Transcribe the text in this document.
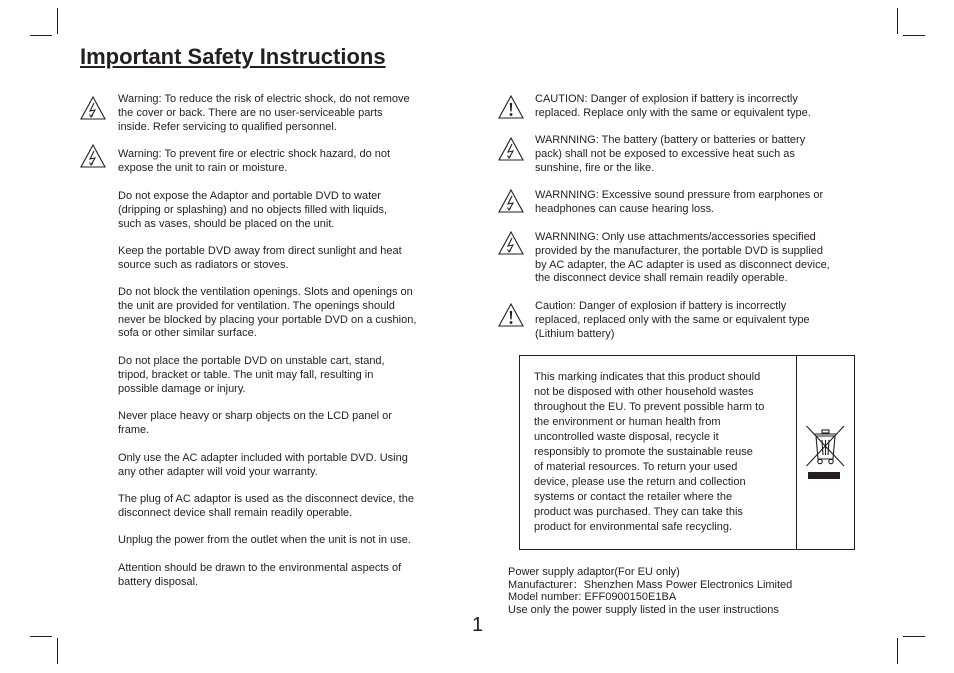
Important Safety Instructions

Warning: To reduce the risk of electric shock, do not remove
the cover or back. There are no user-serviceable parts
inside. Refer servicing to qualified personnel.

Warning: To prevent fire or electric shock hazard, do not
expose the unit to rain or moisture.

Do not expose the Adaptor and portable DVD to water
(dripping or splashing) and no objects filled with liquids,
such as vases, should be placed on the unit.

Keep the portable DVD away from direct sunlight and heat
source such as radiators or stoves.

Do not block the ventilation openings. Slots and openings on
the unit are provided for ventilation. The openings should
never be blocked by placing your portable DVD on a cushion,
sofa or other similar surface.

Do not place the portable DVD on unstable cart, stand,
tripod, bracket or table. The unit may fall, resulting in
possible damage or injury.

Never place heavy or sharp objects on the LCD panel or
frame.

Only use the AC adapter included with portable DVD. Using
any other adapter will void your warranty.

The plug of AC adaptor is used as the disconnect device, the
disconnect device shall remain readily operable.

Unplug the power from the outlet when the unit is not in use.

Attention should be drawn to the environmental aspects of
battery disposal.

CAUTION: Danger of explosion if battery is incorrectly
replaced. Replace only with the same or equivalent type.

WARNNING: The battery (battery or batteries or battery
pack) shall not be exposed to excessive heat such as
sunshine, fire or the like.

WARNNING: Excessive sound pressure from earphones or
headphones can cause hearing loss.

WARNNING: Only use attachments/accessories specified
provided by the manufacturer, the portable DVD is supplied
by AC adapter, the AC adapter is used as disconnect device,
the disconnect device shall remain readily operable.

Caution: Danger of explosion if battery is incorrectly
replaced, replaced only with the same or equivalent type
(Lithium battery)

This marking indicates that this product should
not be disposed with other household wastes
throughout the EU. To prevent possible harm to
the environment or human health from
uncontrolled waste disposal, recycle it
responsibly to promote the sustainable reuse
of material resources. To return your used
device, please use the return and collection
systems or contact the retailer where the
product was purchased. They can take this
product for environmental safe recycling.

Power supply adaptor(For EU only)
Manufacturer：Shenzhen Mass Power Electronics Limited
Model number: EFF0900150E1BA
Use only the power supply listed in the user instructions

1
